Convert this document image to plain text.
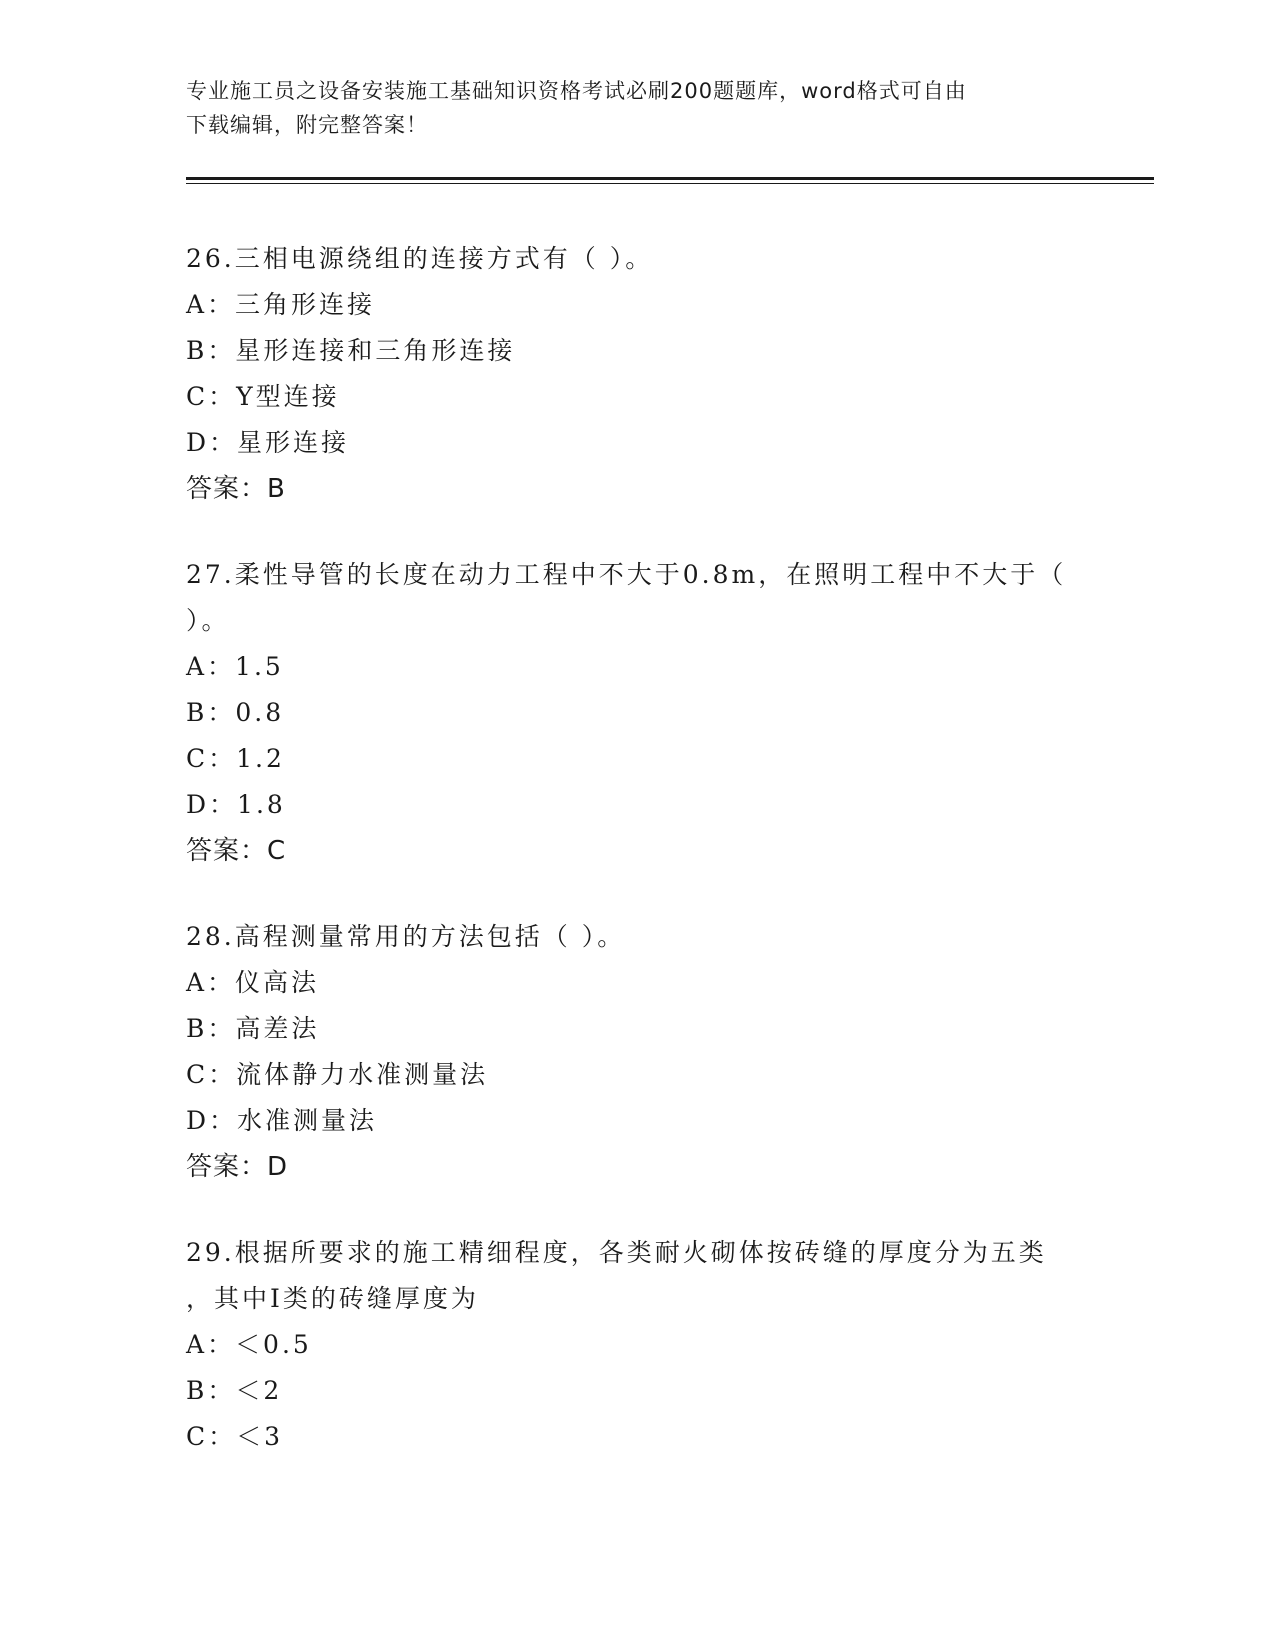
专业施工员之设备安装施工基础知识资格考试必刷200题题库，word格式可自由
下载编辑，附完整答案！
26.三相电源绕组的连接方式有（ ）。
A：三角形连接
B：星形连接和三角形连接
C：Y型连接
D：星形连接
答案：B
27.柔性导管的长度在动力工程中不大于0.8m，在照明工程中不大于（
）。
A：1.5
B：0.8
C：1.2
D：1.8
答案：C
28.高程测量常用的方法包括（ ）。
A：仪高法
B：高差法
C：流体静力水准测量法
D：水准测量法
答案：D
29.根据所要求的施工精细程度，各类耐火砌体按砖缝的厚度分为五类
，其中Ⅰ类的砖缝厚度为
A：＜0.5
B：＜2
C：＜3
